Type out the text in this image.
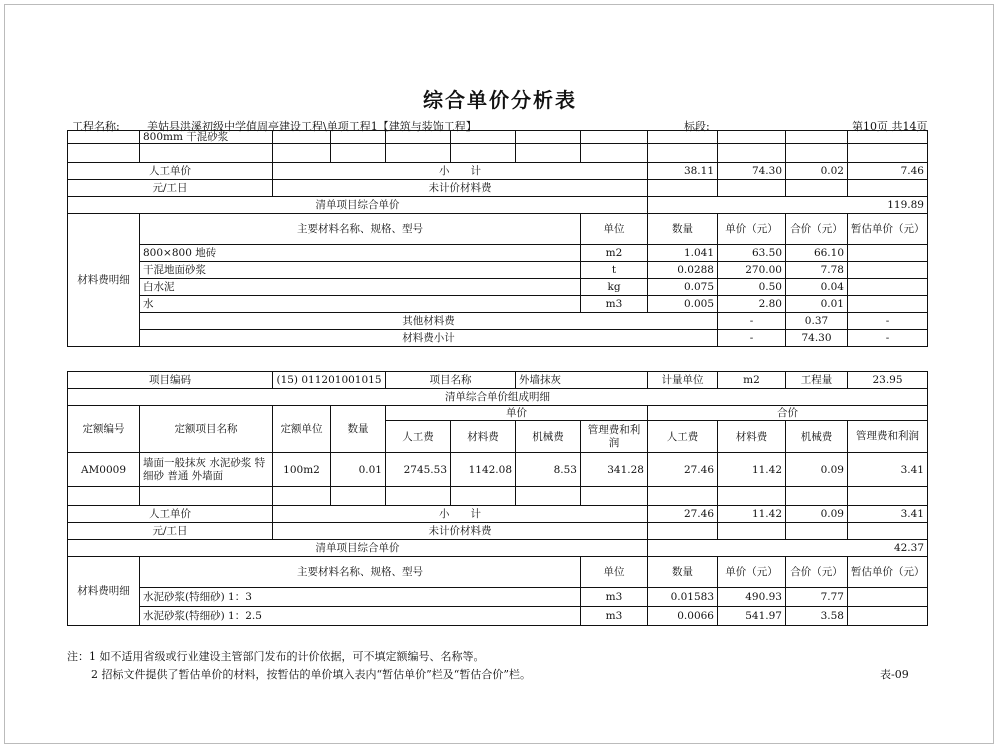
综合单价分析表
工程名称: 美姑县洪溪初级中学值周亭建设工程\单项工程1【建筑与装饰工程】	标段:	第10页 共14页
	800mm 干混砂浆											

人工单价		小　　计						38.11	74.30	0.02	7.46	
元/工日		未计价材料费										
清单项目综合单价								119.89				
材料费明细	主要材料名称、规格、型号						单位	数量	单价（元）	合价（元）	暂估单价（元）	
	800×800 地砖						m2	1.041	63.50	66.10		
	干混地面砂浆						t	0.0288	270.00	7.78		
	白水泥						kg	0.075	0.50	0.04		
	水						m3	0.005	2.80	0.01		
	其他材料费								-	0.37	-	
	材料费小计								-	74.30	-	
项目编码		(15) 011201001015		项目名称		外墙抹灰		计量单位	m2	工程量	23.95	
清单综合单价组成明细												
定额编号	定额项目名称	定额单位	数量	单价				合价				
				人工费	材料费	机械费	管理费和利润	人工费	材料费	机械费	管理费和利润	
AM0009	墙面一般抹灰 水泥砂浆 特细砂 普通 外墙面	100m2	0.01	2745.53	1142.08	8.53	341.28	27.46	11.42	0.09	3.41	

人工单价		小　　计						27.46	11.42	0.09	3.41	
元/工日		未计价材料费										
清单项目综合单价								42.37				
材料费明细	主要材料名称、规格、型号						单位	数量	单价（元）	合价（元）	暂估单价（元）	
	水泥砂浆(特细砂) 1：3						m3	0.01583	490.93	7.77		
	水泥砂浆(特细砂) 1：2.5						m3	0.0066	541.97	3.58		
注：1 如不适用省级或行业建设主管部门发布的计价依据，可不填定额编号、名称等。
2 招标文件提供了暂估单价的材料，按暂估的单价填入表内“暂估单价”栏及“暂估合价”栏。	表-09
